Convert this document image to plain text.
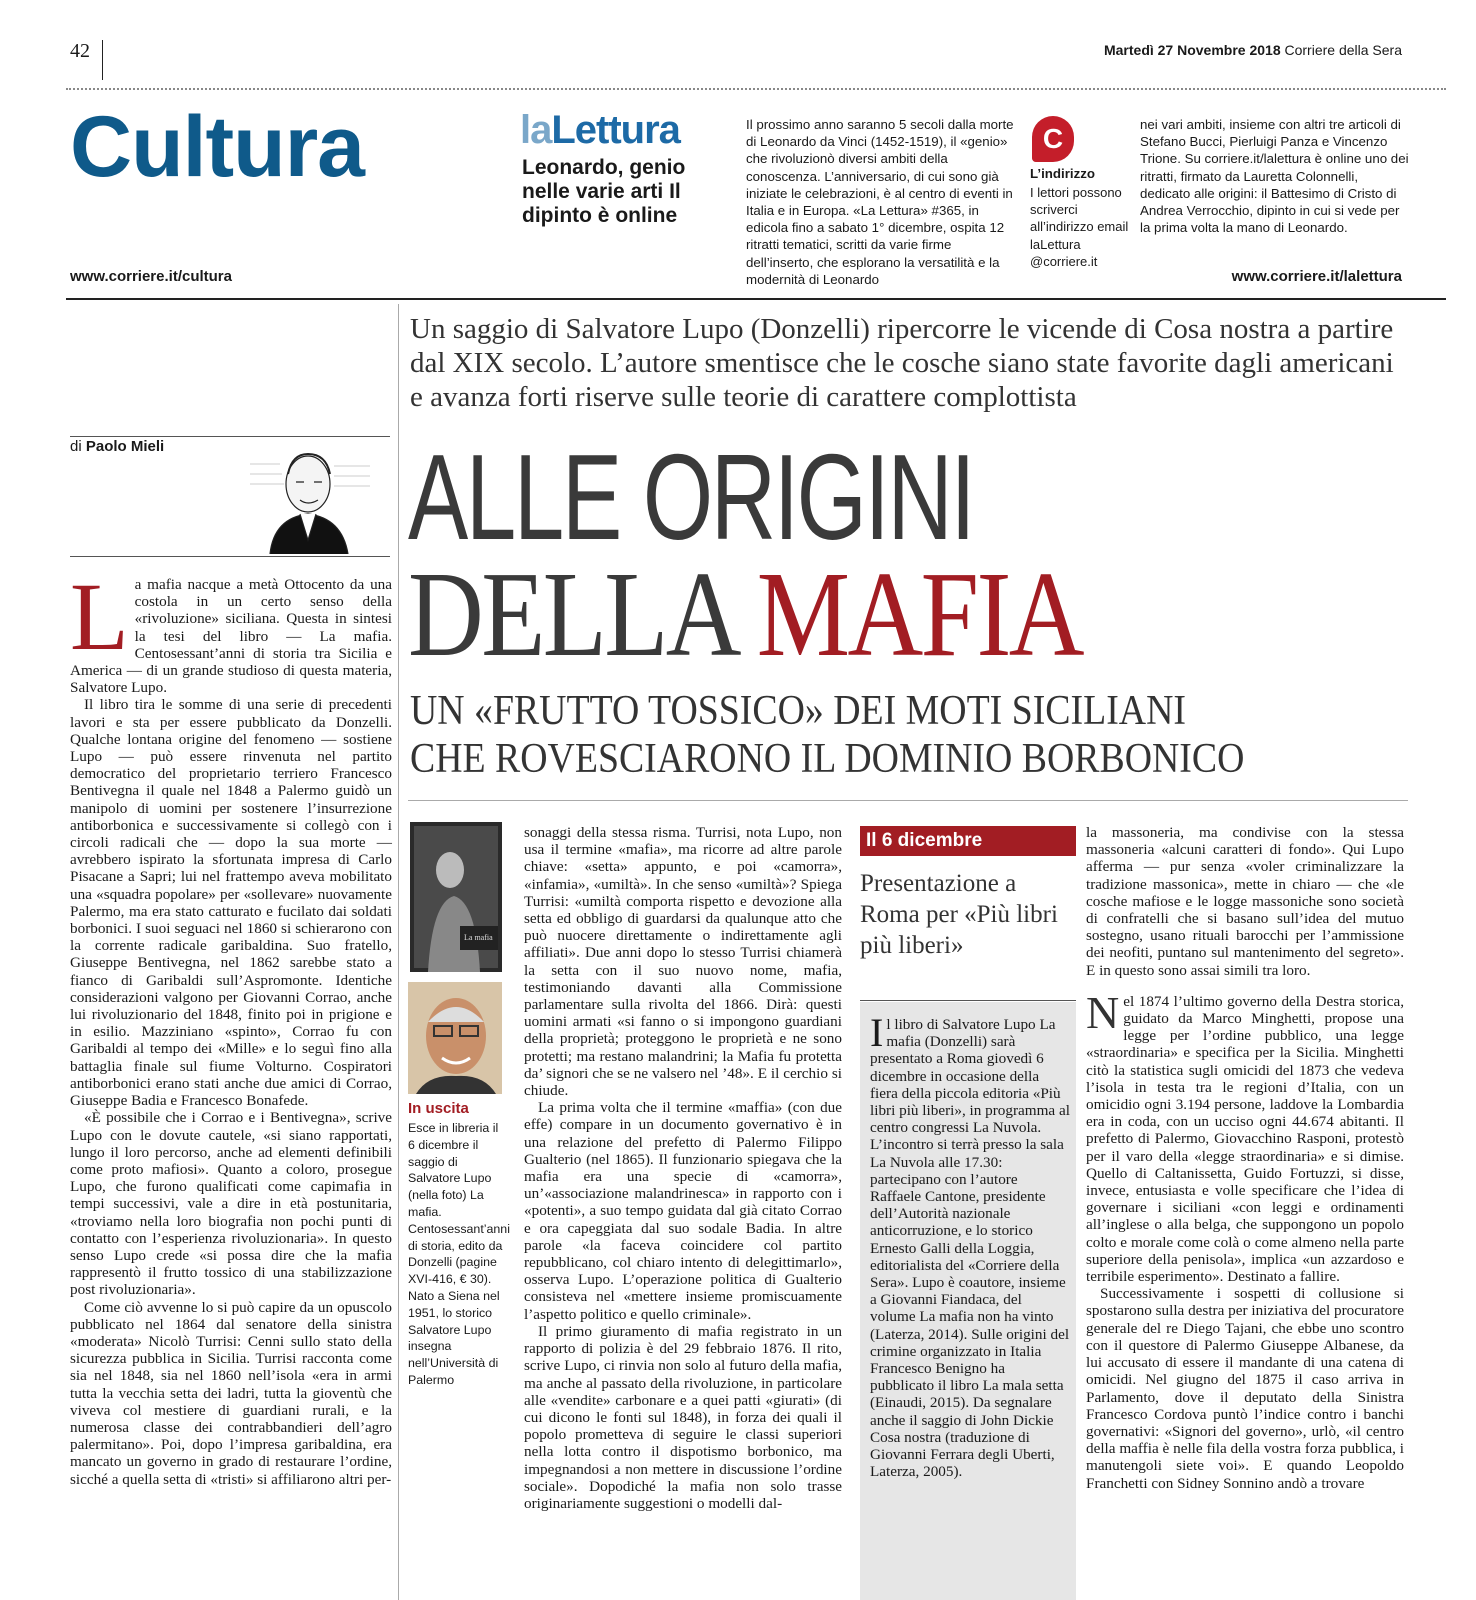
42	Martedì 27 Novembre 2018 Corriere della Sera
Cultura	laLettura
Leonardo, genio nelle varie arti Il dipinto è online
Il prossimo anno saranno 5 secoli dalla morte di Leonardo da Vinci (1452-1519), il «genio» che rivoluzionò diversi ambiti della conoscenza. L’anniversario, di cui sono già iniziate le celebrazioni, è al centro di eventi in Italia e in Europa. «La Lettura» #365, in edicola fino a sabato 1° dicembre, ospita 12 ritratti tematici, scritti da varie firme dell’inserto, che esplorano la versatilità e la modernità di Leonardo
C
L’indirizzo
I lettori possono scriverci all’indirizzo email laLettura @corriere.it
nei vari ambiti, insieme con altri tre articoli di Stefano Bucci, Pierluigi Panza e Vincenzo Trione. Su corriere.it/lalettura è online uno dei ritratti, firmato da Lauretta Colonnelli, dedicato alle origini: il Battesimo di Cristo di Andrea Verrocchio, dipinto in cui si vede per la prima volta la mano di Leonardo.
www.corriere.it/cultura	www.corriere.it/lalettura
Un saggio di Salvatore Lupo (Donzelli) ripercorre le vicende di Cosa nostra a partire dal XIX secolo. L’autore smentisce che le cosche siano state favorite dagli americani e avanza forti riserve sulle teorie di carattere complottista
ALLE ORIGINI
DELLA MAFIA
UN «FRUTTO TOSSICO» DEI MOTI SICILIANI
CHE ROVESCIARONO IL DOMINIO BORBONICO
di Paolo Mieli
L a mafia nacque a metà Ottocento da una costola in un certo senso della «rivoluzione» siciliana. Questa in sintesi la tesi del libro — La mafia. Centosessant’anni di storia tra Sicilia e America — di un grande studioso di questa materia, Salvatore Lupo.

Il libro tira le somme di una serie di precedenti lavori e sta per essere pubblicato da Donzelli. Qualche lontana origine del fenomeno — sostiene Lupo — può essere rinvenuta nel partito democratico del proprietario terriero Francesco Bentivegna il quale nel 1848 a Palermo guidò un manipolo di uomini per sostenere l’insurrezione antiborbonica e successivamente si collegò con i circoli radicali che — dopo la sua morte — avrebbero ispirato la sfortunata impresa di Carlo Pisacane a Sapri; lui nel frattempo aveva mobilitato una «squadra popolare» per «sollevare» nuovamente Palermo, ma era stato catturato e fucilato dai soldati borbonici. I suoi seguaci nel 1860 si schierarono con la corrente radicale garibaldina. Suo fratello, Giuseppe Bentivegna, nel 1862 sarebbe stato a fianco di Garibaldi sull’Aspromonte. Identiche considerazioni valgono per Giovanni Corrao, anche lui rivoluzionario del 1848, finito poi in prigione e in esilio. Mazziniano «spinto», Corrao fu con Garibaldi al tempo dei «Mille» e lo seguì fino alla battaglia finale sul fiume Volturno. Cospiratori antiborbonici erano stati anche due amici di Corrao, Giuseppe Badia e Francesco Bonafede.

«È possibile che i Corrao e i Bentivegna», scrive Lupo con le dovute cautele, «si siano rapportati, lungo il loro percorso, anche ad elementi definibili come proto mafiosi». Quanto a coloro, prosegue Lupo, che furono qualificati come capimafia in tempi successivi, vale a dire in età postunitaria, «troviamo nella loro biografia non pochi punti di contatto con l’esperienza rivoluzionaria». In questo senso Lupo crede «si possa dire che la mafia rappresentò il frutto tossico di una stabilizzazione post rivoluzionaria».

Come ciò avvenne lo si può capire da un opuscolo pubblicato nel 1864 dal senatore della sinistra «moderata» Nicolò Turrisi: Cenni sullo stato della sicurezza pubblica in Sicilia. Turrisi racconta come sia nel 1848, sia nel 1860 nell’isola «era in armi tutta la vecchia setta dei ladri, tutta la gioventù che viveva col mestiere di guardiani rurali, e la numerosa classe dei contrabbandieri dell’agro palermitano». Poi, dopo l’impresa garibaldina, era mancato un governo in grado di restaurare l’ordine, sicché a quella setta di «tristi» si affiliarono altri per-

La mafia
In uscita
Esce in libreria il 6 dicembre il saggio di Salvatore Lupo (nella foto) La mafia. Centosessant’anni di storia, edito da Donzelli (pagine XVI-416, € 30). Nato a Siena nel 1951, lo storico Salvatore Lupo insegna nell’Università di Palermo

sonaggi della stessa risma. Turrisi, nota Lupo, non usa il termine «mafia», ma ricorre ad altre parole chiave: «setta» appunto, e poi «camorra», «infamia», «umiltà». In che senso «umiltà»? Spiega Turrisi: «umiltà comporta rispetto e devozione alla setta ed obbligo di guardarsi da qualunque atto che può nuocere direttamente o indirettamente agli affiliati». Due anni dopo lo stesso Turrisi chiamerà la setta con il suo nuovo nome, mafia, testimoniando davanti alla Commissione parlamentare sulla rivolta del 1866. Dirà: questi uomini armati «si fanno o si impongono guardiani della proprietà; proteggono le proprietà e ne sono protetti; ma restano malandrini; la Mafia fu protetta da’ signori che se ne valsero nel ’48». E il cerchio si chiude.

La prima volta che il termine «maffia» (con due effe) compare in un documento governativo è in una relazione del prefetto di Palermo Filippo Gualterio (nel 1865). Il funzionario spiegava che la mafia era una specie di «camorra», un’«associazione malandrinesca» in rapporto con i «potenti», a suo tempo guidata dal già citato Corrao e ora capeggiata dal suo sodale Badia. In altre parole «la faceva coincidere col partito repubblicano, col chiaro intento di delegittimarlo», osserva Lupo. L’operazione politica di Gualterio consisteva nel «mettere insieme promiscuamente l’aspetto politico e quello criminale».

Il primo giuramento di mafia registrato in un rapporto di polizia è del 29 febbraio 1876. Il rito, scrive Lupo, ci rinvia non solo al futuro della mafia, ma anche al passato della rivoluzione, in particolare alle «vendite» carbonare e a quei patti «giurati» (di cui dicono le fonti sul 1848), in forza dei quali il popolo prometteva di seguire le classi superiori nella lotta contro il dispotismo borbonico, ma impegnandosi a non mettere in discussione l’ordine sociale». Dopodiché la mafia non solo trasse originariamente suggestioni o modelli dal-

Il 6 dicembre
Presentazione a Roma per «Più libri più liberi»
Il libro di Salvatore Lupo La mafia (Donzelli) sarà presentato a Roma giovedì 6 dicembre in occasione della fiera della piccola editoria «Più libri più liberi», in programma al centro congressi La Nuvola. L’incontro si terrà presso la sala La Nuvola alle 17.30: partecipano con l’autore Raffaele Cantone, presidente dell’Autorità nazionale anticorruzione, e lo storico Ernesto Galli della Loggia, editorialista del «Corriere della Sera». Lupo è coautore, insieme a Giovanni Fiandaca, del volume La mafia non ha vinto (Laterza, 2014). Sulle origini del crimine organizzato in Italia Francesco Benigno ha pubblicato il libro La mala setta (Einaudi, 2015). Da segnalare anche il saggio di John Dickie Cosa nostra (traduzione di Giovanni Ferrara degli Uberti, Laterza, 2005).

la massoneria, ma condivise con la stessa massoneria «alcuni caratteri di fondo». Qui Lupo afferma — pur senza «voler criminalizzare la tradizione massonica», mette in chiaro — che «le cosche mafiose e le logge massoniche sono società di confratelli che si basano sull’idea del mutuo sostegno, usano rituali barocchi per l’ammissione dei neofiti, puntano sul mantenimento del segreto». E in questo sono assai simili tra loro.

N el 1874 l’ultimo governo della Destra storica, guidato da Marco Minghetti, propose una legge per l’ordine pubblico, una legge «straordinaria» e specifica per la Sicilia. Minghetti citò la statistica sugli omicidi del 1873 che vedeva l’isola in testa tra le regioni d’Italia, con un omicidio ogni 3.194 persone, laddove la Lombardia era in coda, con un ucciso ogni 44.674 abitanti. Il prefetto di Palermo, Giovacchino Rasponi, protestò per il varo della «legge straordinaria» e si dimise. Quello di Caltanissetta, Guido Fortuzzi, si disse, invece, entusiasta e volle specificare che l’idea di governare i siciliani «con leggi e ordinamenti all’inglese o alla belga, che suppongono un popolo colto e morale come colà o come almeno nella parte superiore della penisola», implica «un azzardoso e terribile esperimento». Destinato a fallire.

Successivamente i sospetti di collusione si spostarono sulla destra per iniziativa del procuratore generale del re Diego Tajani, che ebbe uno scontro con il questore di Palermo Giuseppe Albanese, da lui accusato di essere il mandante di una catena di omicidi. Nel giugno del 1875 il caso arriva in Parlamento, dove il deputato della Sinistra Francesco Cordova puntò l’indice contro i banchi governativi: «Signori del governo», urlò, «il centro della maffia è nelle fila della vostra forza pubblica, i manutengoli siete voi». E quando Leopoldo Franchetti con Sidney Sonnino andò a trovare
